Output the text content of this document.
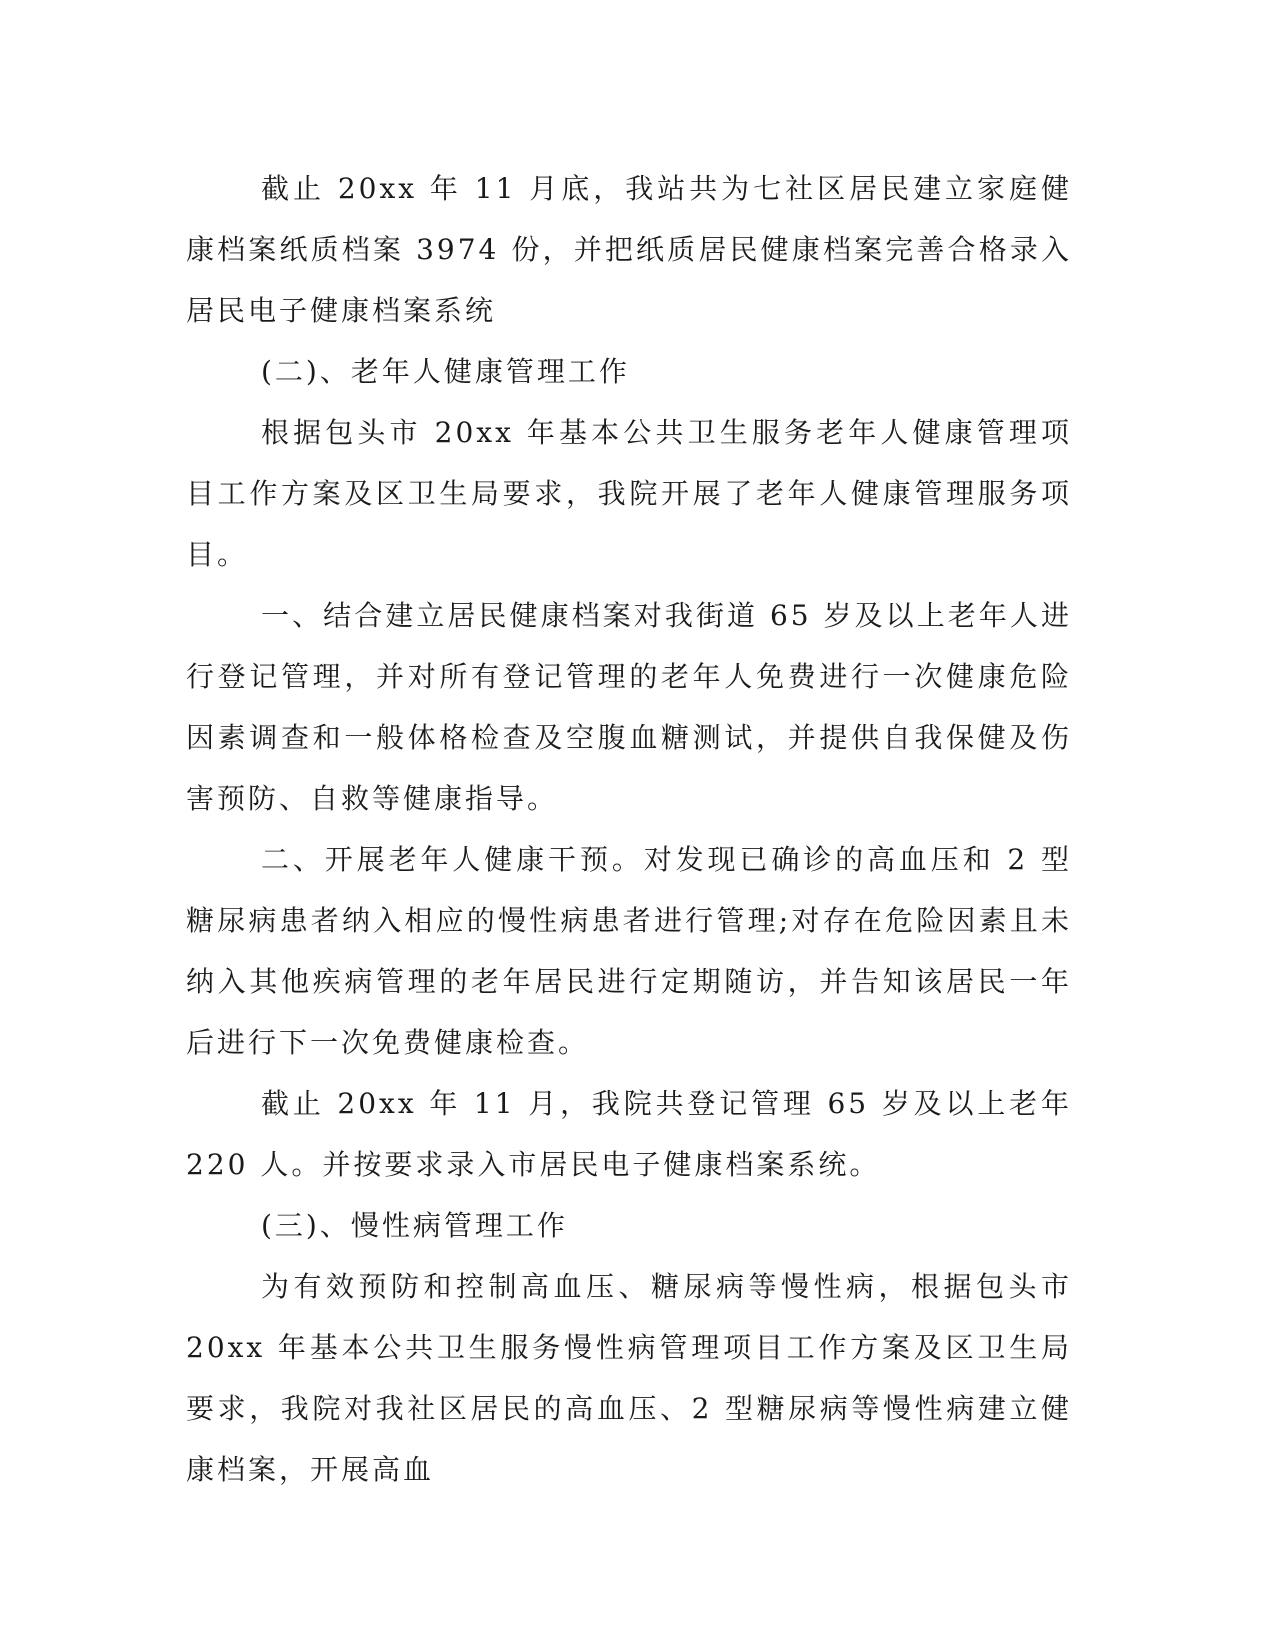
截止 20xx 年 11 月底，我站共为七社区居民建立家庭健康档案纸质档案 3974 份，并把纸质居民健康档案完善合格录入居民电子健康档案系统

(二)、老年人健康管理工作

根据包头市 20xx 年基本公共卫生服务老年人健康管理项目工作方案及区卫生局要求，我院开展了老年人健康管理服务项目。

一、结合建立居民健康档案对我街道 65 岁及以上老年人进行登记管理，并对所有登记管理的老年人免费进行一次健康危险因素调查和一般体格检查及空腹血糖测试，并提供自我保健及伤害预防、自救等健康指导。

二、开展老年人健康干预。对发现已确诊的高血压和 2 型糖尿病患者纳入相应的慢性病患者进行管理;对存在危险因素且未纳入其他疾病管理的老年居民进行定期随访，并告知该居民一年后进行下一次免费健康检查。

截止 20xx 年 11 月，我院共登记管理 65 岁及以上老年 220 人。并按要求录入市居民电子健康档案系统。

(三)、慢性病管理工作

为有效预防和控制高血压、糖尿病等慢性病，根据包头市 20xx 年基本公共卫生服务慢性病管理项目工作方案及区卫生局要求，我院对我社区居民的高血压、2 型糖尿病等慢性病建立健康档案，开展高血
